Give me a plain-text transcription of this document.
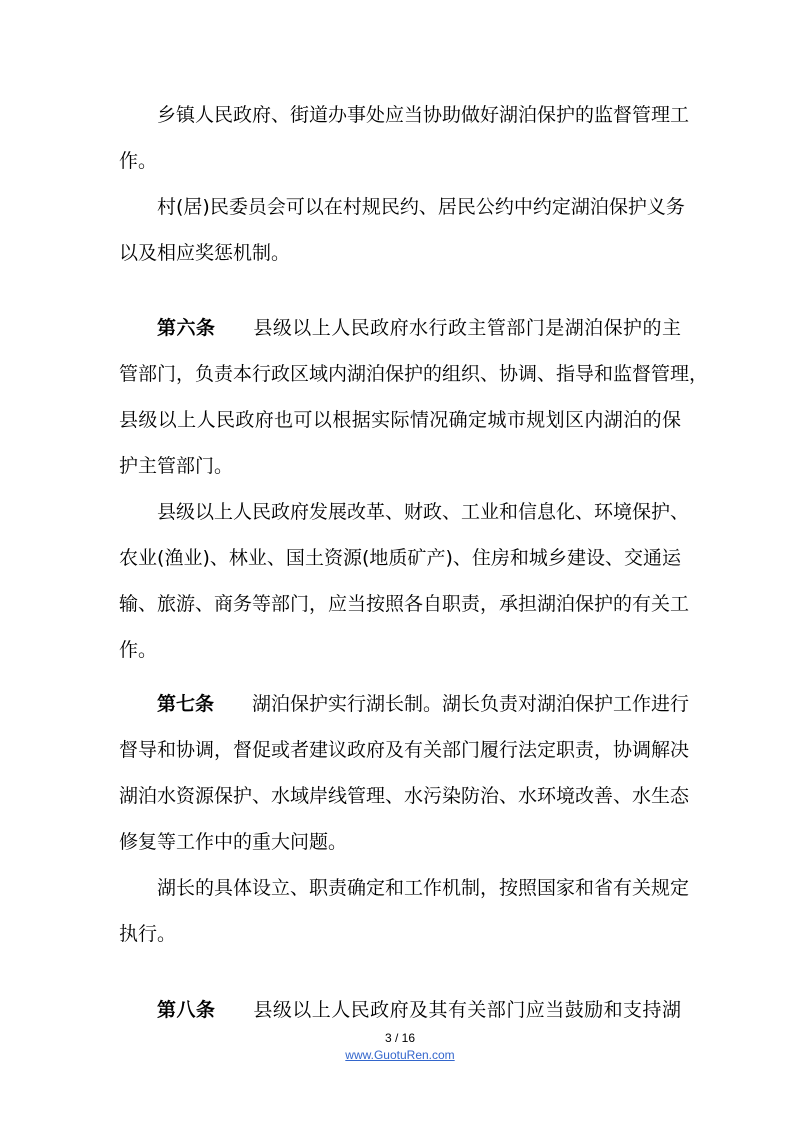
乡镇人民政府、街道办事处应当协助做好湖泊保护的监督管理工
作。
村(居)民委员会可以在村规民约、居民公约中约定湖泊保护义务
以及相应奖惩机制。
第六条 县级以上人民政府水行政主管部门是湖泊保护的主
管部门，负责本行政区域内湖泊保护的组织、协调、指导和监督管理，
县级以上人民政府也可以根据实际情况确定城市规划区内湖泊的保
护主管部门。
县级以上人民政府发展改革、财政、工业和信息化、环境保护、
农业(渔业)、林业、国土资源(地质矿产)、住房和城乡建设、交通运
输、旅游、商务等部门，应当按照各自职责，承担湖泊保护的有关工
作。
第七条 湖泊保护实行湖长制。湖长负责对湖泊保护工作进行
督导和协调，督促或者建议政府及有关部门履行法定职责，协调解决
湖泊水资源保护、水域岸线管理、水污染防治、水环境改善、水生态
修复等工作中的重大问题。
湖长的具体设立、职责确定和工作机制，按照国家和省有关规定
执行。
第八条 县级以上人民政府及其有关部门应当鼓励和支持湖
3 / 16
www.GuotuRen.com
